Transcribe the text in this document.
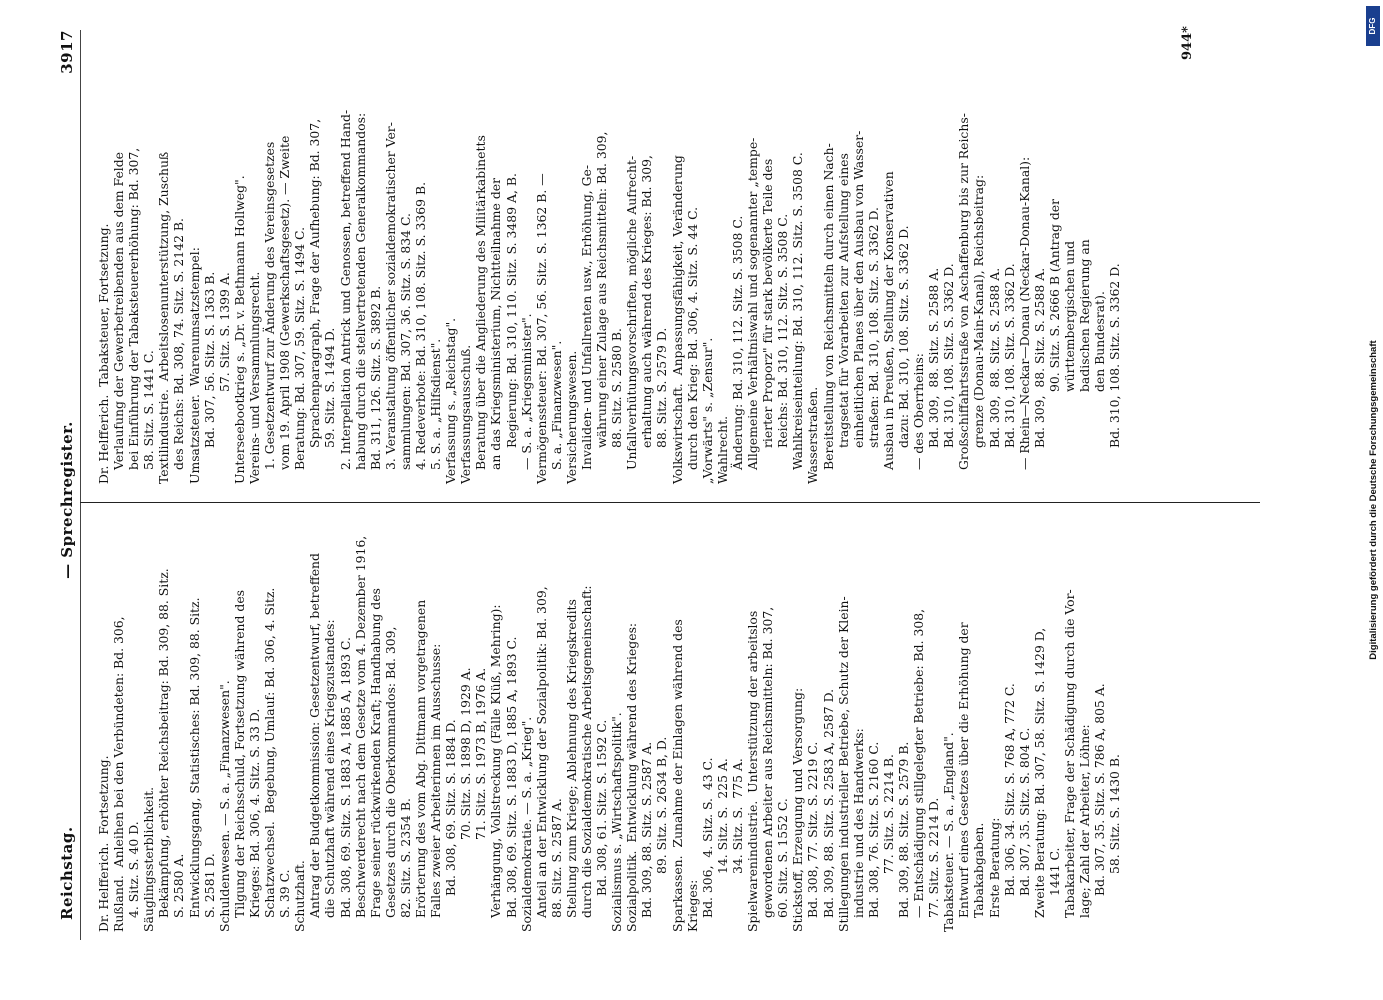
Reichstag.
— Sprechregister.
3917
Dr. Helfferich.  Fortsetzung. Rußland.  Anleihen bei den Verbündeten: Bd. 306, 4. Sitz. S. 40 D. Säuglingssterblichkeit. Bekämpfung, erhöhter Reichsbeitrag: Bd. 309, 88. Sitz. S. 2580 A. Entwicklungsgang, Statistisches: Bd. 309, 88. Sitz. S. 2581 D. Schuldenwesen. — S. a. „Finanzwesen". Tilgung der Reichsschuld, Fortsetzung während des Krieges: Bd. 306, 4. Sitz. S. 33 D. Schatzwechsel.  Begebung, Umlauf: Bd. 306, 4. Sitz. S. 39 C. Schutzhaft. Antrag der Budgetkommission: Gesetzentwurf, betreffend die Schutzhaft während eines Kriegszustandes: Bd. 308, 69. Sitz. S. 1883 A, 1885 A, 1893 C. Beschwerderecht nach dem Gesetze vom 4. Dezember 1916, Frage seiner rückwirkenden Kraft; Handhabung des Gesetzes durch die Oberkommandos: Bd. 309, 82. Sitz. S. 2354 B. Erörterung des vom Abg. Dittmann vorgetragenen Falles zweier Arbeiterinnen im Ausschusse: Bd. 308, 69. Sitz. S. 1884 D. 70. Sitz. S. 1898 D, 1929 A. 71. Sitz. S. 1973 B, 1976 A. Verhängung, Vollstreckung (Fälle Klüß, Mehring): Bd. 308, 69. Sitz. S. 1883 D, 1885 A, 1893 C. Sozialdemokratie. — S. a. „Krieg". Anteil an der Entwicklung der Sozialpolitik: Bd. 309, 88. Sitz. S. 2587 A. Stellung zum Kriege; Ablehnung des Kriegskredits durch die Sozialdemokratische Arbeitsgemeinschaft: Bd. 308, 61. Sitz. S. 1592 C. Sozialismus s. „Wirtschaftspolitik". Sozialpolitik.  Entwicklung während des Krieges: Bd. 309, 88. Sitz. S. 2587 A. 89. Sitz. S. 2634 B, D. Sparkassen.  Zunahme der Einlagen während des Krieges: Bd. 306,  4. Sitz. S.  43 C. 14. Sitz. S.  225 A. 34. Sitz. S.  775 A. Spielwarenindustrie.  Unterstützung der arbeitslos gewordenen Arbeiter aus Reichsmitteln: Bd. 307, 60. Sitz. S. 1552 C. Stickstoff, Erzeugung und Versorgung: Bd. 308, 77. Sitz. S. 2219 C. Bd. 309, 88. Sitz. S. 2583 A, 2587 D. Stillegungen industrieller Betriebe, Schutz der Klein- industrie und des Handwerks: Bd. 308, 76. Sitz. S. 2160 C. 77. Sitz. S. 2214 B. Bd. 309, 88. Sitz. S. 2579 B. — Entschädigung stillgelegter Betriebe: Bd. 308, 77. Sitz. S. 2214 D. Tabaksteuer. — S. a. „England". Entwurf eines Gesetzes über die Erhöhung der Tabakabgaben. Erste Beratung: Bd. 306, 34. Sitz. S. 768 A, 772 C. Bd. 307, 35. Sitz. S. 804 C. Zweite Beratung: Bd. 307, 58. Sitz. S. 1429 D, 1441 C. Tabakarbeiter, Frage der Schädigung durch die Vor- lage; Zahl der Arbeiter, Löhne: Bd. 307, 35. Sitz. S. 786 A, 805 A. 58. Sitz. S. 1430 B.
Dr. Helfferich.  Tabaksteuer, Fortsetzung. Verlaufung der Gewerbetreibenden aus dem Felde bei Einführung der Tabaksteuererhöhung: Bd. 307, 58. Sitz. S. 1441 C. Textilindustrie.  Arbeitslosenunterstützung, Zuschuß des Reichs: Bd. 308, 74. Sitz. S. 2142 B. Umsatzsteuer.  Warenumsatzstempel: Bd. 307, 56. Sitz. S. 1363 B. 57. Sitz. S. 1399 A. Unterseebootkrieg s. „Dr. v. Bethmann Hollweg". Vereins- und Versammlungsrecht. 1. Gesetzentwurf zur Änderung des Vereinsgesetzes vom 19. April 1908 (Gewerkschaftsgesetz). — Zweite Beratung: Bd. 307, 59. Sitz. S. 1494 C. Sprachenparagraph, Frage der Aufhebung: Bd. 307, 59. Sitz. S. 1494 D. 2. Interpellation Antrick und Genossen, betreffend Hand- habung durch die stellvertretenden Generalkommandos: Bd. 311, 126. Sitz. S. 3892 B. 3. Veranstaltung öffentlicher sozialdemokratischer Ver- sammlungen: Bd. 307, 36. Sitz. S. 834 C. 4. Redeverbote: Bd. 310, 108. Sitz. S. 3369 B. 5. S. a. „Hilfsdienst". Verfassung s. „Reichstag". Verfassungsausschuß. Beratung über die Angliederung des Militärkabinetts an das Kriegsministerium, Nichtteilnahme der Regierung: Bd. 310, 110. Sitz. S. 3489 A, B. — S. a. „Kriegsminister". Vermögenssteuer: Bd. 307, 56. Sitz. S. 1362 B. — S. a. „Finanzwesen". Versicherungswesen. Invaliden- und Unfallrenten usw., Erhöhung, Ge- währung einer Zulage aus Reichsmitteln: Bd. 309, 88. Sitz. S. 2580 B. Unfallverhütungsvorschriften, mögliche Aufrecht- erhaltung auch während des Krieges: Bd. 309, 88. Sitz. S. 2579 D. Volkswirtschaft.  Anpassungsfähigkeit, Veränderung durch den Krieg: Bd. 306, 4. Sitz. S. 44 C. „Vorwärts" s. „Zensur". Wahlrecht. Änderung: Bd. 310, 112. Sitz. S. 3508 C. Allgemeine Verhältniswahl und sogenannter „tempe- rierter Proporz" für stark bevölkerte Teile des Reichs: Bd. 310, 112. Sitz. S. 3508 C. Wahlkreiseinteilung: Bd. 310, 112. Sitz. S. 3508 C. Wasserstraßen. Bereitstellung von Reichsmitteln durch einen Nach- tragsetat für Vorarbeiten zur Aufstellung eines einheitlichen Planes über den Ausbau von Wasser- straßen: Bd. 310, 108. Sitz. S. 3362 D. Ausbau in Preußen, Stellung der Konservativen dazu: Bd. 310, 108. Sitz. S. 3362 D. — des Oberrheins: Bd. 309,  88. Sitz. S. 2588 A. Bd. 310, 108. Sitz. S. 3362 D. Großschiffahrtsstraße von Aschaffenburg bis zur Reichs- grenze (Donau-Main-Kanal), Reichsbeitrag: Bd. 309,  88. Sitz. S. 2588 A. Bd. 310, 108. Sitz. S. 3362 D. — Rhein—Neckar—Donau (Neckar-Donau-Kanal): Bd. 309,  88. Sitz. S. 2588 A. 90. Sitz. S. 2666 B (Antrag der württembergischen und badischen Regierung an den Bundesrat). Bd. 310, 108. Sitz. S. 3362 D.
944*
Digitalisierung gefördert durch die Deutsche Forschungsgemeinschaft
DFG
